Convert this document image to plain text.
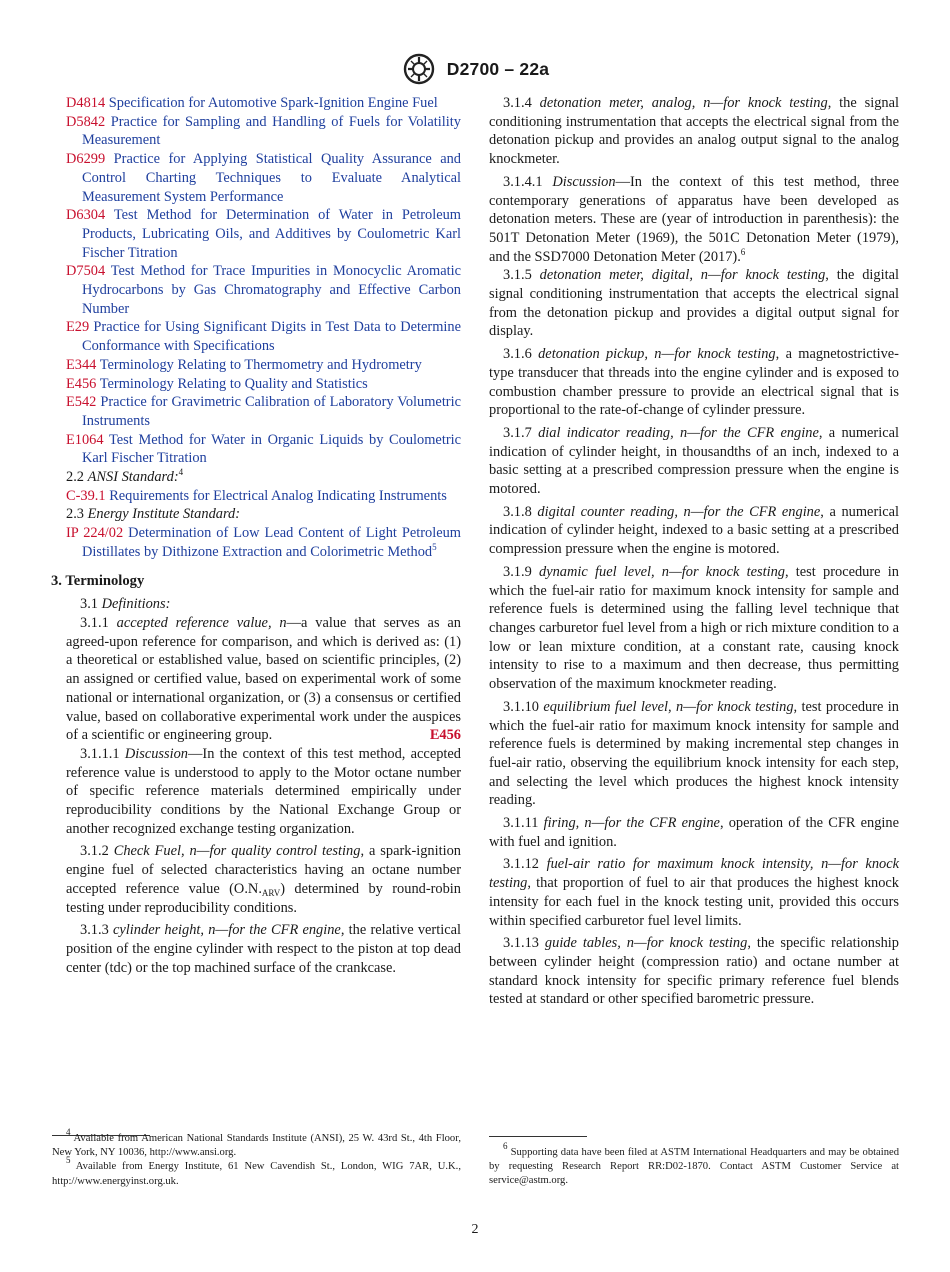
D2700 – 22a
D4814 Specification for Automotive Spark-Ignition Engine Fuel
D5842 Practice for Sampling and Handling of Fuels for Volatility Measurement
D6299 Practice for Applying Statistical Quality Assurance and Control Charting Techniques to Evaluate Analytical Measurement System Performance
D6304 Test Method for Determination of Water in Petroleum Products, Lubricating Oils, and Additives by Coulometric Karl Fischer Titration
D7504 Test Method for Trace Impurities in Monocyclic Aromatic Hydrocarbons by Gas Chromatography and Effective Carbon Number
E29 Practice for Using Significant Digits in Test Data to Determine Conformance with Specifications
E344 Terminology Relating to Thermometry and Hydrometry
E456 Terminology Relating to Quality and Statistics
E542 Practice for Gravimetric Calibration of Laboratory Volumetric Instruments
E1064 Test Method for Water in Organic Liquids by Coulometric Karl Fischer Titration

2.2 ANSI Standard:$^4$

C-39.1 Requirements for Electrical Analog Indicating Instruments

2.3 Energy Institute Standard:

IP 224/02 Determination of Low Lead Content of Light Petroleum Distillates by Dithizone Extraction and Colorimetric Method$^5$
3. Terminology

3.1 Definitions:

3.1.1 accepted reference value, n—a value that serves as an agreed-upon reference for comparison, and which is derived as: (1) a theoretical or established value, based on scientific principles, (2) an assigned or certified value, based on experimental work of some national or international organization, or (3) a consensus or certified value, based on collaborative experimental work under the auspices of a scientific or engineering group.	E456

3.1.1.1 Discussion—In the context of this test method, accepted reference value is understood to apply to the Motor octane number of specific reference materials determined empirically under reproducibility conditions by the National Exchange Group or another recognized exchange testing organization.

3.1.2 Check Fuel, n—for quality control testing, a spark-ignition engine fuel of selected characteristics having an octane number accepted reference value $(O.N._{ARV})$ determined by round-robin testing under reproducibility conditions.

3.1.3 cylinder height, n—for the CFR engine, the relative vertical position of the engine cylinder with respect to the piston at top dead center (tdc) or the top machined surface of the crankcase.

3.1.4 detonation meter, analog, n—for knock testing, the signal conditioning instrumentation that accepts the electrical signal from the detonation pickup and provides an analog output signal to the analog knockmeter.

3.1.4.1 Discussion—In the context of this test method, three contemporary generations of apparatus have been developed as detonation meters. These are (year of introduction in parenthesis): the 501T Detonation Meter (1969), the 501C Detonation Meter (1979), and the SSD7000 Detonation Meter (2017).$^6$

3.1.5 detonation meter, digital, n—for knock testing, the digital signal conditioning instrumentation that accepts the electrical signal from the detonation pickup and provides a digital output signal for display.

3.1.6 detonation pickup, n—for knock testing, a magnetostrictive-type transducer that threads into the engine cylinder and is exposed to combustion chamber pressure to provide an electrical signal that is proportional to the rate-of-change of cylinder pressure.

3.1.7 dial indicator reading, n—for the CFR engine, a numerical indication of cylinder height, in thousandths of an inch, indexed to a basic setting at a prescribed compression pressure when the engine is motored.

3.1.8 digital counter reading, n—for the CFR engine, a numerical indication of cylinder height, indexed to a basic setting at a prescribed compression pressure when the engine is motored.

3.1.9 dynamic fuel level, n—for knock testing, test procedure in which the fuel-air ratio for maximum knock intensity for sample and reference fuels is determined using the falling level technique that changes carburetor fuel level from a high or rich mixture condition to a low or lean mixture condition, at a constant rate, causing knock intensity to rise to a maximum and then decrease, thus permitting observation of the maximum knockmeter reading.

3.1.10 equilibrium fuel level, n—for knock testing, test procedure in which the fuel-air ratio for maximum knock intensity for sample and reference fuels is determined by making incremental step changes in fuel-air ratio, observing the equilibrium knock intensity for each step, and selecting the level which produces the highest knock intensity reading.

3.1.11 firing, n—for the CFR engine, operation of the CFR engine with fuel and ignition.

3.1.12 fuel-air ratio for maximum knock intensity, n—for knock testing, that proportion of fuel to air that produces the highest knock intensity for each fuel in the knock testing unit, provided this occurs within specified carburetor fuel level limits.

3.1.13 guide tables, n—for knock testing, the specific relationship between cylinder height (compression ratio) and octane number at standard knock intensity for specific primary reference fuel blends tested at standard or other specified barometric pressure.

$^4$ Available from American National Standards Institute (ANSI), 25 W. 43rd St., 4th Floor, New York, NY 10036, http://www.ansi.org.
$^5$ Available from Energy Institute, 61 New Cavendish St., London, WIG 7AR, U.K., http://www.energyinst.org.uk.
$^6$ Supporting data have been filed at ASTM International Headquarters and may be obtained by requesting Research Report RR:D02-1870. Contact ASTM Customer Service at service@astm.org.
2
